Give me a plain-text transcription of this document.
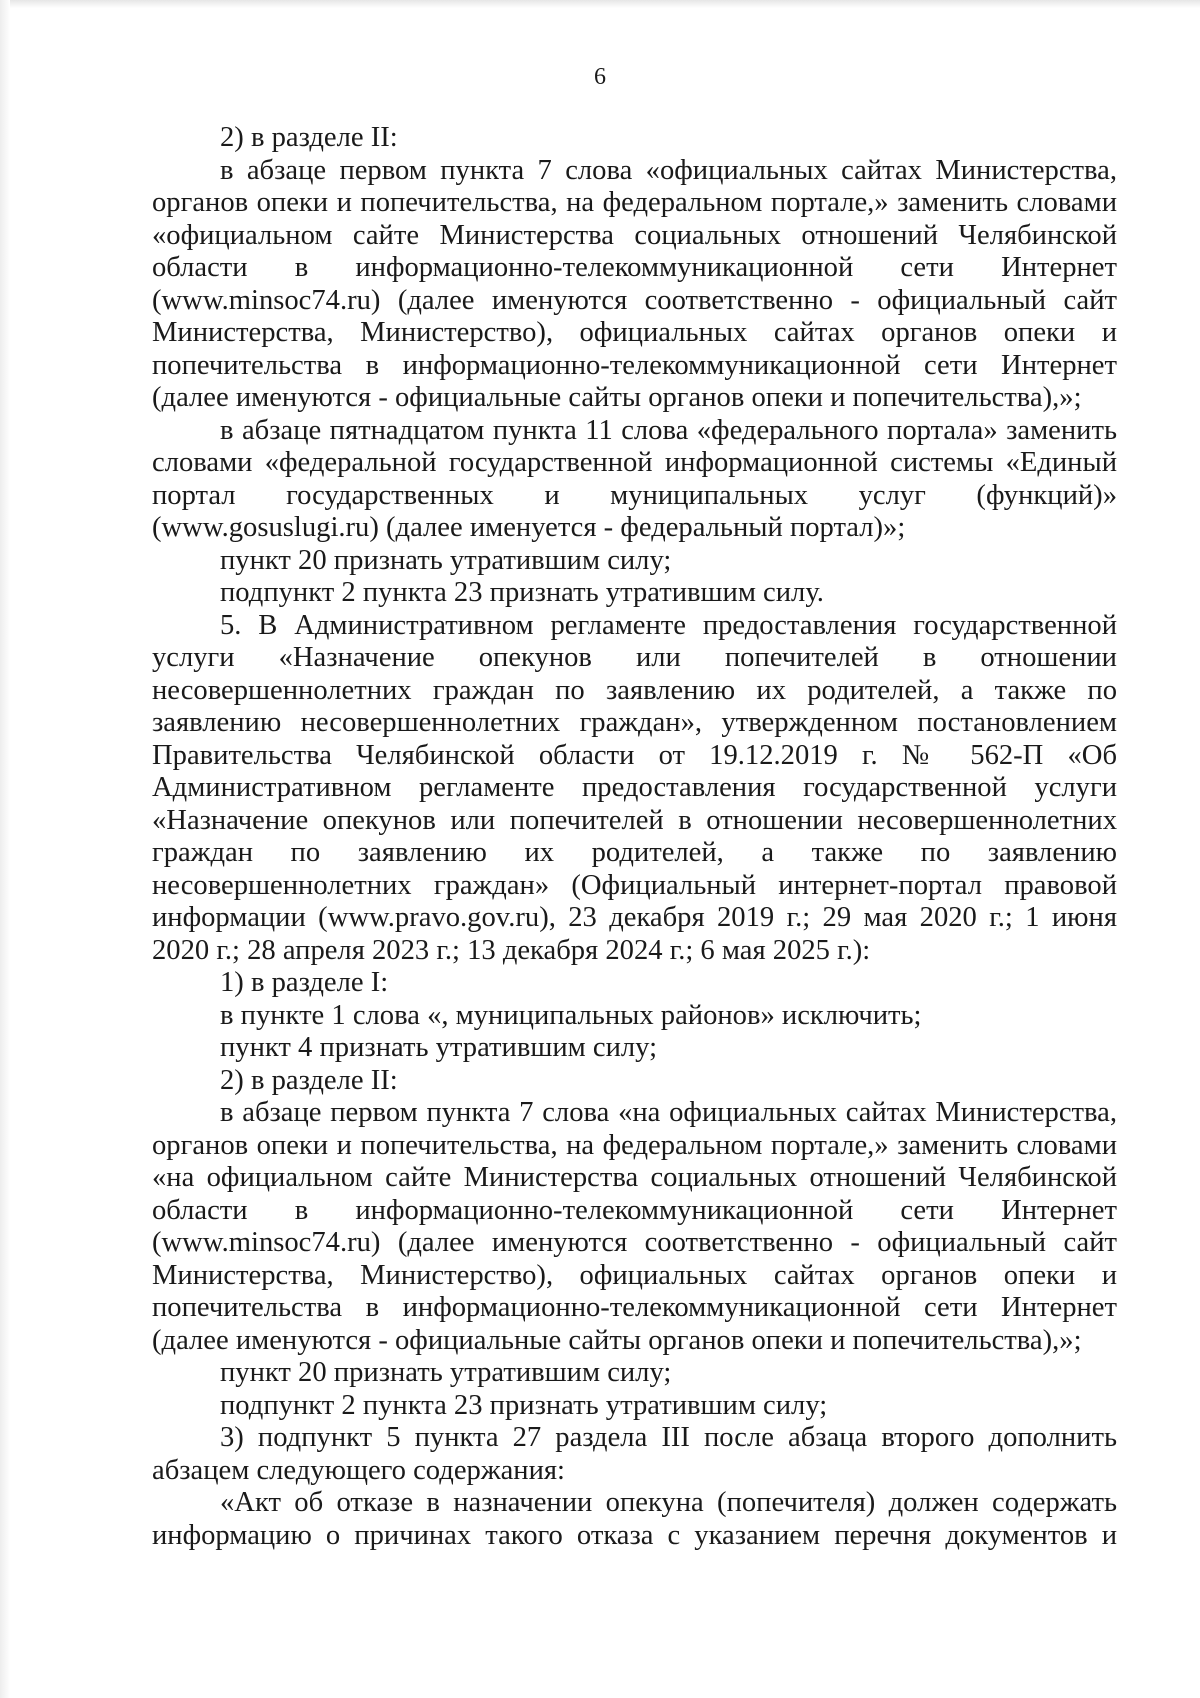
6

2) в разделе II:

в абзаце первом пункта 7 слова «официальных сайтах Министерства, органов опеки и попечительства, на федеральном портале,» заменить словами «официальном сайте Министерства социальных отношений Челябинской области в информационно-телекоммуникационной сети Интернет (www.minsoc74.ru) (далее именуются соответственно - официальный сайт Министерства, Министерство), официальных сайтах органов опеки и попечительства в информационно-телекоммуникационной сети Интернет (далее именуются - официальные сайты органов опеки и попечительства),»;

в абзаце пятнадцатом пункта 11 слова «федерального портала» заменить словами «федеральной государственной информационной системы «Единый портал государственных и муниципальных услуг (функций)» (www.gosuslugi.ru) (далее именуется - федеральный портал)»;

пункт 20 признать утратившим силу;

подпункт 2 пункта 23 признать утратившим силу.

5. В Административном регламенте предоставления государственной услуги «Назначение опекунов или попечителей в отношении несовершеннолетних граждан по заявлению их родителей, а также по заявлению несовершеннолетних граждан», утвержденном постановлением Правительства Челябинской области от 19.12.2019 г. № 562-П «Об Административном регламенте предоставления государственной услуги «Назначение опекунов или попечителей в отношении несовершеннолетних граждан по заявлению их родителей, а также по заявлению несовершеннолетних граждан» (Официальный интернет-портал правовой информации (www.pravo.gov.ru), 23 декабря 2019 г.; 29 мая 2020 г.; 1 июня 2020 г.; 28 апреля 2023 г.; 13 декабря 2024 г.; 6 мая 2025 г.):

1) в разделе I:

в пункте 1 слова «, муниципальных районов» исключить;

пункт 4 признать утратившим силу;

2) в разделе II:

в абзаце первом пункта 7 слова «на официальных сайтах Министерства, органов опеки и попечительства, на федеральном портале,» заменить словами «на официальном сайте Министерства социальных отношений Челябинской области в информационно-телекоммуникационной сети Интернет (www.minsoc74.ru) (далее именуются соответственно - официальный сайт Министерства, Министерство), официальных сайтах органов опеки и попечительства в информационно-телекоммуникационной сети Интернет (далее именуются - официальные сайты органов опеки и попечительства),»;

пункт 20 признать утратившим силу;

подпункт 2 пункта 23 признать утратившим силу;

3) подпункт 5 пункта 27 раздела III после абзаца второго дополнить абзацем следующего содержания:

«Акт об отказе в назначении опекуна (попечителя) должен содержать информацию о причинах такого отказа с указанием перечня документов и
